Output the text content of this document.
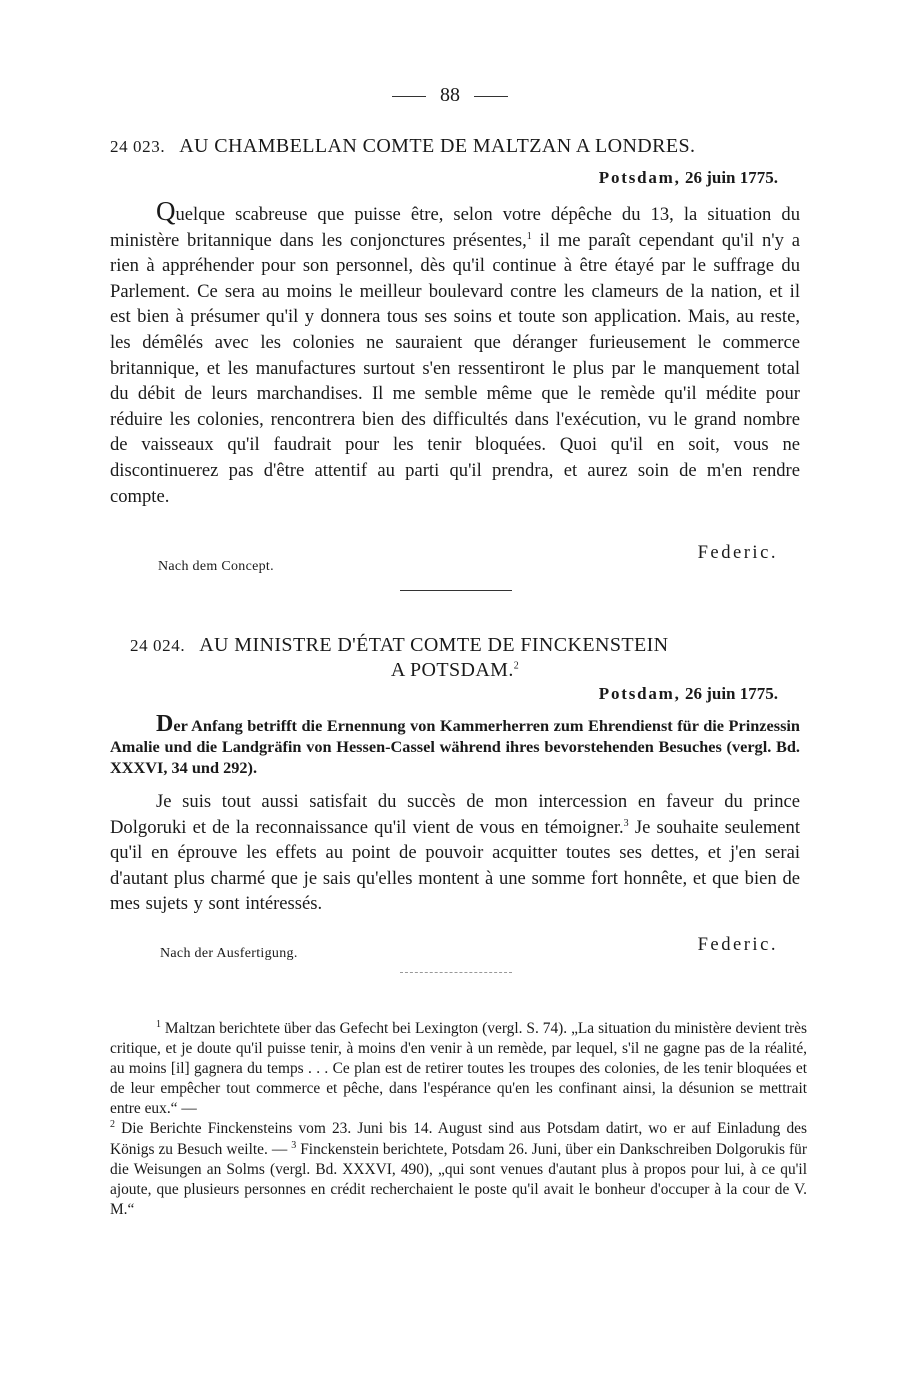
88
24 023. AU CHAMBELLAN COMTE DE MALTZAN A LONDRES.
Potsdam, 26 juin 1775.

Quelque scabreuse que puisse être, selon votre dépêche du 13, la situation du ministère britannique dans les conjonctures présentes,$^1$ il me paraît cependant qu'il n'y a rien à appréhender pour son personnel, dès qu'il continue à être étayé par le suffrage du Parlement. Ce sera au moins le meilleur boulevard contre les clameurs de la nation, et il est bien à présumer qu'il y donnera tous ses soins et toute son application. Mais, au reste, les démêlés avec les colonies ne sauraient que déranger furieusement le commerce britannique, et les manufactures surtout s'en ressentiront le plus par le manquement total du débit de leurs marchandises. Il me semble même que le remède qu'il médite pour réduire les colonies, rencontrera bien des difficultés dans l'exécution, vu le grand nombre de vaisseaux qu'il faudrait pour les tenir bloquées. Quoi qu'il en soit, vous ne discontinuerez pas d'être attentif au parti qu'il prendra, et aurez soin de m'en rendre compte.

Federic.
Nach dem Concept.
24 024. AU MINISTRE D'ÉTAT COMTE DE FINCKENSTEIN
A POTSDAM.$^2$
Potsdam, 26 juin 1775.

Der Anfang betrifft die Ernennung von Kammerherren zum Ehrendienst für die Prinzessin Amalie und die Landgräfin von Hessen-Cassel während ihres bevorstehenden Besuches (vergl. Bd. XXXVI, 34 und 292).

Je suis tout aussi satisfait du succès de mon intercession en faveur du prince Dolgoruki et de la reconnaissance qu'il vient de vous en témoigner.$^3$ Je souhaite seulement qu'il en éprouve les effets au point de pouvoir acquitter toutes ses dettes, et j'en serai d'autant plus charmé que je sais qu'elles montent à une somme fort honnête, et que bien de mes sujets y sont intéressés.

Federic.
Nach der Ausfertigung.

$^1$ Maltzan berichtete über das Gefecht bei Lexington (vergl. S. 74). „La situation du ministère devient très critique, et je doute qu'il puisse tenir, à moins d'en venir à un remède, par lequel, s'il ne gagne pas de la réalité, au moins [il] gagnera du temps . . . Ce plan est de retirer toutes les troupes des colonies, de les tenir bloquées et de leur empêcher tout commerce et pêche, dans l'espérance qu'en les confinant ainsi, la désunion se mettrait entre eux.“ —
$^2$ Die Berichte Finckensteins vom 23. Juni bis 14. August sind aus Potsdam datirt, wo er auf Einladung des Königs zu Besuch weilte. — $^3$ Finckenstein berichtete, Potsdam 26. Juni, über ein Dankschreiben Dolgorukis für die Weisungen an Solms (vergl. Bd. XXXVI, 490), „qui sont venues d'autant plus à propos pour lui, à ce qu'il ajoute, que plusieurs personnes en crédit recherchaient le poste qu'il avait le bonheur d'occuper à la cour de V. M.“
